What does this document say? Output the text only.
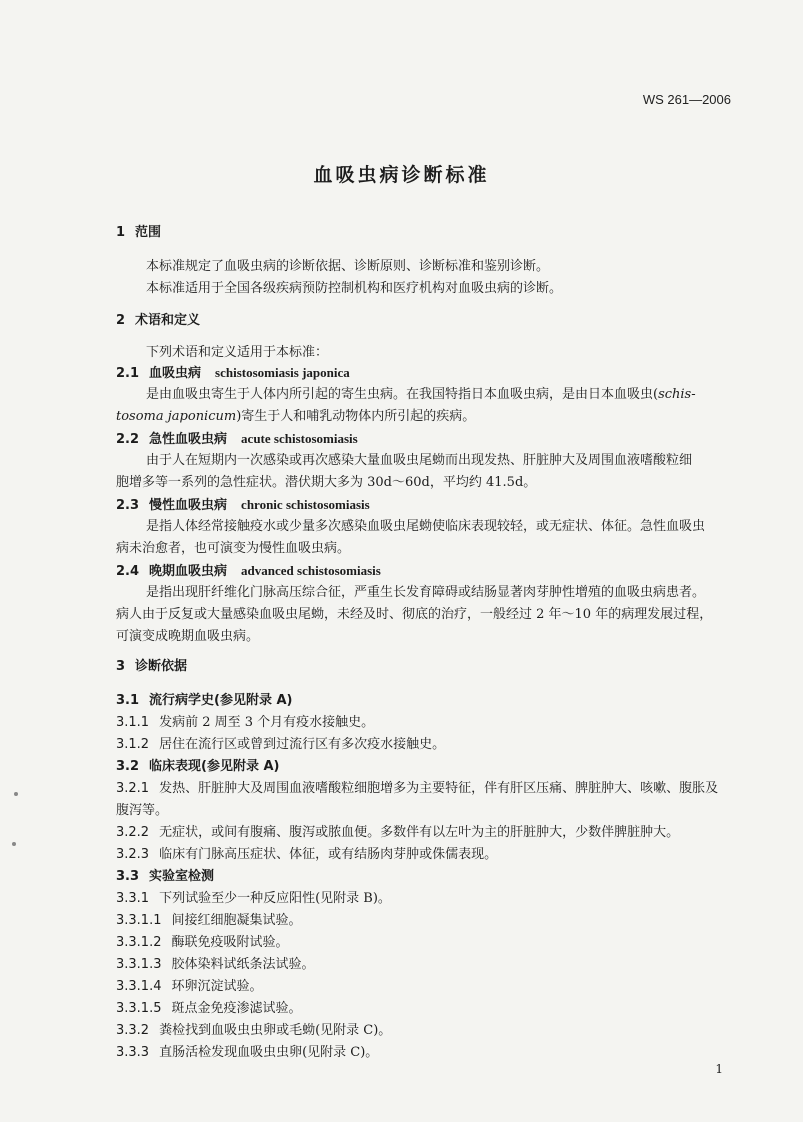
WS 261—2006
血吸虫病诊断标准
1 范围
本标准规定了血吸虫病的诊断依据、诊断原则、诊断标准和鉴别诊断。
本标准适用于全国各级疾病预防控制机构和医疗机构对血吸虫病的诊断。
2 术语和定义
下列术语和定义适用于本标准：
2.1 血吸虫病 schistosomiasis japonica
是由血吸虫寄生于人体内所引起的寄生虫病。在我国特指日本血吸虫病，是由日本血吸虫(schis-
tosoma japonicum)寄生于人和哺乳动物体内所引起的疾病。
2.2 急性血吸虫病 acute schistosomiasis
由于人在短期内一次感染或再次感染大量血吸虫尾蚴而出现发热、肝脏肿大及周围血液嗜酸粒细
胞增多等一系列的急性症状。潜伏期大多为 30d～60d，平均约 41.5d。
2.3 慢性血吸虫病 chronic schistosomiasis
是指人体经常接触疫水或少量多次感染血吸虫尾蚴使临床表现较轻，或无症状、体征。急性血吸虫
病未治愈者，也可演变为慢性血吸虫病。
2.4 晚期血吸虫病 advanced schistosomiasis
是指出现肝纤维化门脉高压综合征，严重生长发育障碍或结肠显著肉芽肿性增殖的血吸虫病患者。
病人由于反复或大量感染血吸虫尾蚴，未经及时、彻底的治疗，一般经过 2 年～10 年的病理发展过程，
可演变成晚期血吸虫病。
3 诊断依据
3.1 流行病学史(参见附录 A)
3.1.1 发病前 2 周至 3 个月有疫水接触史。
3.1.2 居住在流行区或曾到过流行区有多次疫水接触史。
3.2 临床表现(参见附录 A)
3.2.1 发热、肝脏肿大及周围血液嗜酸粒细胞增多为主要特征，伴有肝区压痛、脾脏肿大、咳嗽、腹胀及
腹泻等。
3.2.2 无症状，或间有腹痛、腹泻或脓血便。多数伴有以左叶为主的肝脏肿大，少数伴脾脏肿大。
3.2.3 临床有门脉高压症状、体征，或有结肠肉芽肿或侏儒表现。
3.3 实验室检测
3.3.1 下列试验至少一种反应阳性(见附录 B)。
3.3.1.1 间接红细胞凝集试验。
3.3.1.2 酶联免疫吸附试验。
3.3.1.3 胶体染料试纸条法试验。
3.3.1.4 环卵沉淀试验。
3.3.1.5 斑点金免疫渗滤试验。
3.3.2 粪检找到血吸虫虫卵或毛蚴(见附录 C)。
3.3.3 直肠活检发现血吸虫虫卵(见附录 C)。
1
